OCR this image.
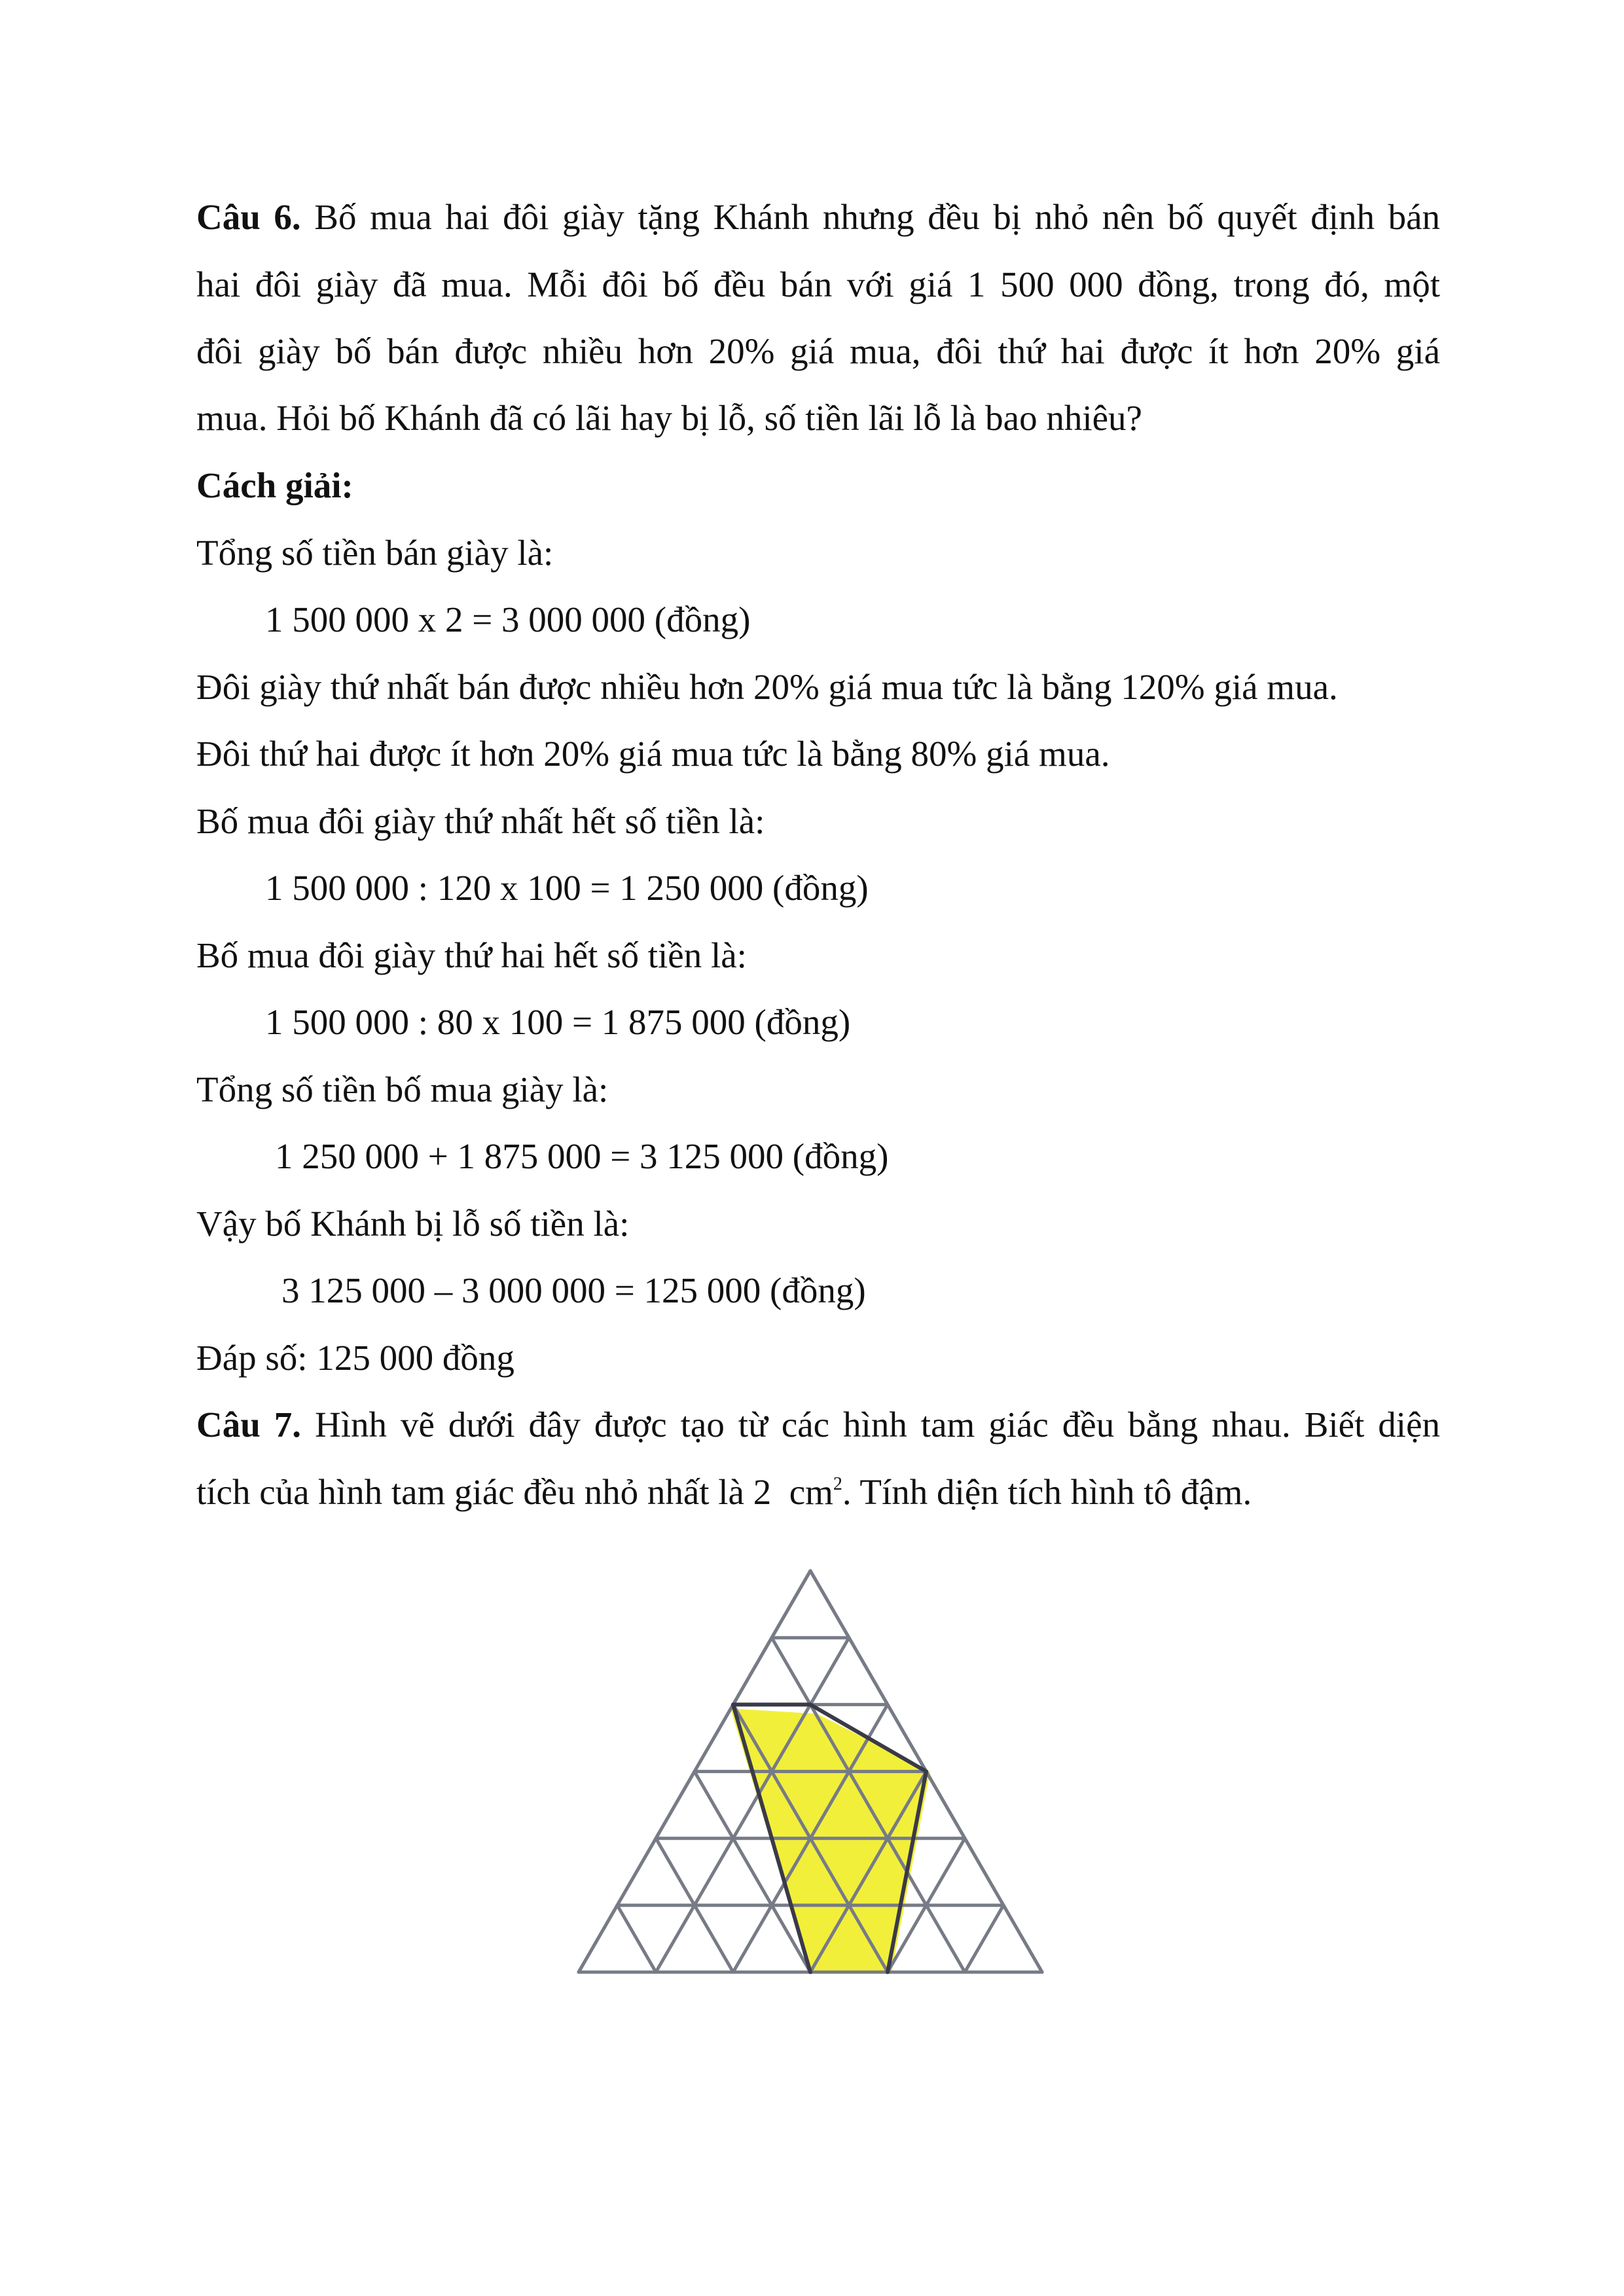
Câu 6. Bố mua hai đôi giày tặng Khánh nhưng đều bị nhỏ nên bố quyết định bán
hai đôi giày đã mua. Mỗi đôi bố đều bán với giá 1 500 000 đồng, trong đó, một
đôi giày bố bán được nhiều hơn 20% giá mua, đôi thứ hai được ít hơn 20% giá
mua. Hỏi bố Khánh đã có lãi hay bị lỗ, số tiền lãi lỗ là bao nhiêu?
Cách giải:
Tổng số tiền bán giày là:
1 500 000 x 2 = 3 000 000 (đồng)
Đôi giày thứ nhất bán được nhiều hơn 20% giá mua tức là bằng 120% giá mua.
Đôi thứ hai được ít hơn 20% giá mua tức là bằng 80% giá mua.
Bố mua đôi giày thứ nhất hết số tiền là:
1 500 000 : 120 x 100 = 1 250 000 (đồng)
Bố mua đôi giày thứ hai hết số tiền là:
1 500 000 : 80 x 100 = 1 875 000 (đồng)
Tổng số tiền bố mua giày là:
1 250 000 + 1 875 000 = 3 125 000 (đồng)
Vậy bố Khánh bị lỗ số tiền là:
3 125 000 – 3 000 000 = 125 000 (đồng)
Đáp số: 125 000 đồng
Câu 7. Hình vẽ dưới đây được tạo từ các hình tam giác đều bằng nhau. Biết diện
tích của hình tam giác đều nhỏ nhất là 2 $cm^2$. Tính diện tích hình tô đậm.
